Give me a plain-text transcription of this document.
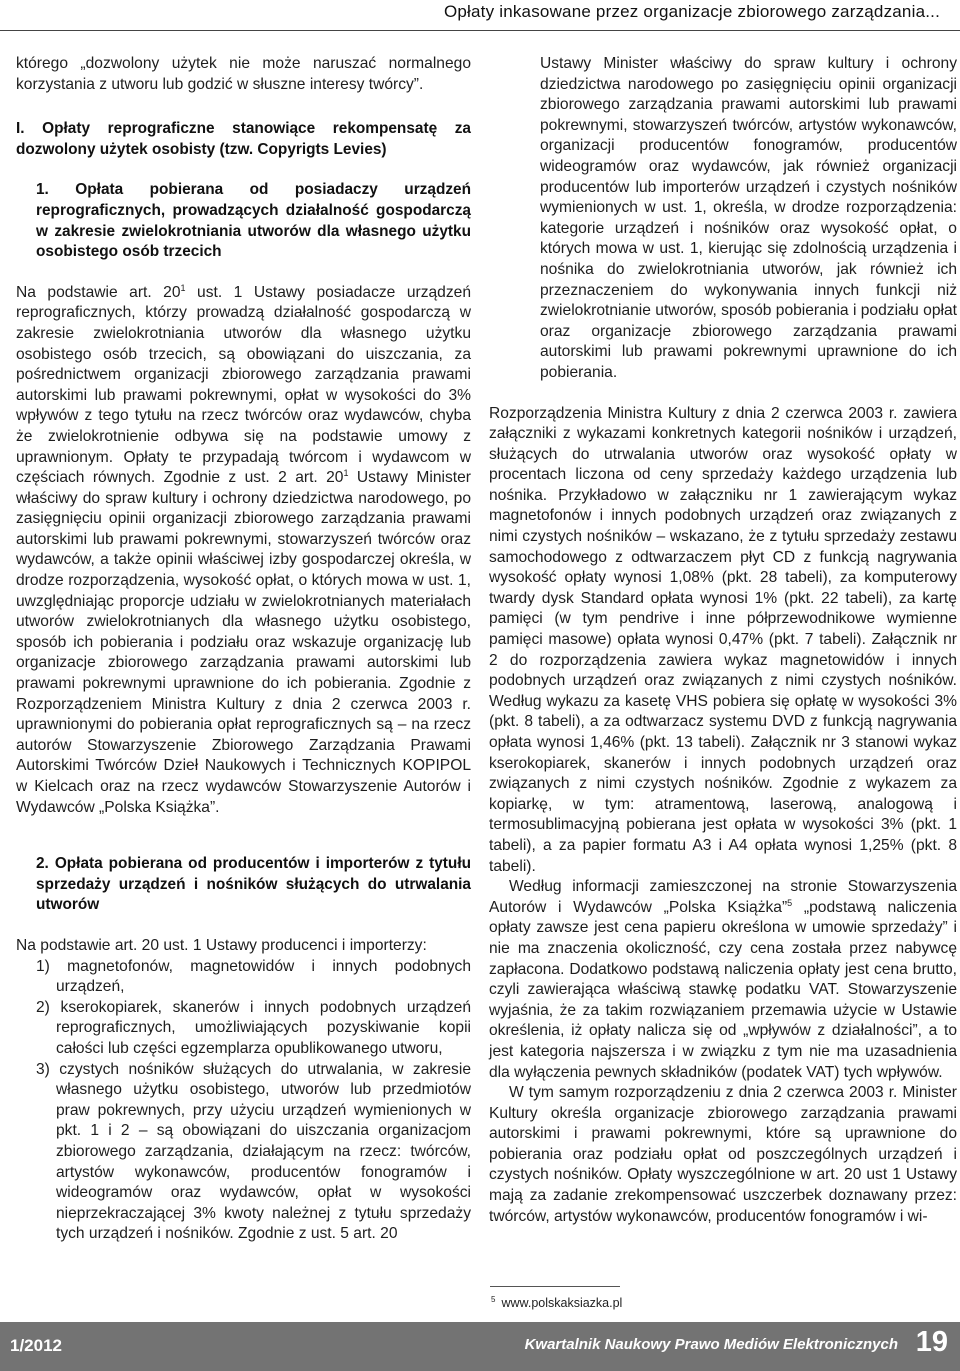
Opłaty inkasowane przez organizacje zbiorowego zarządzania...

którego „dozwolony użytek nie może naruszać normalnego korzystania z utworu lub godzić w słuszne interesy twórcy”.

I. Opłaty reprograficzne stanowiące rekompensatę za dozwolony użytek osobisty (tzw. Copyrigts Levies)

1. Opłata pobierana od posiadaczy urządzeń reprograficznych, prowadzących działalność gospodarczą w zakresie zwielokrotniania utworów dla własnego użytku osobistego osób trzecich

Na podstawie art. $20^1$ ust. 1 Ustawy posiadacze urządzeń reprograficznych, którzy prowadzą działalność gospodarczą w zakresie zwielokrotniania utworów dla własnego użytku osobistego osób trzecich, są obowiązani do uiszczania, za pośrednictwem organizacji zbiorowego zarządzania prawami autorskimi lub prawami pokrewnymi, opłat w wysokości do 3% wpływów z tego tytułu na rzecz twórców oraz wydawców, chyba że zwielokrotnienie odbywa się na podstawie umowy z uprawnionym. Opłaty te przypadają twórcom i wydawcom w częściach równych. Zgodnie z ust. 2 art. $20^1$ Ustawy Minister właściwy do spraw kultury i ochrony dziedzictwa narodowego, po zasięgnięciu opinii organizacji zbiorowego zarządzania prawami autorskimi lub prawami pokrewnymi, stowarzyszeń twórców oraz wydawców, a także opinii właściwej izby gospodarczej określa, w drodze rozporządzenia, wysokość opłat, o których mowa w ust. 1, uwzględniając proporcje udziału w zwielokrotnianych materiałach utworów zwielokrotnianych dla własnego użytku osobistego, sposób ich pobierania i podziału oraz wskazuje organizację lub organizacje zbiorowego zarządzania prawami autorskimi lub prawami pokrewnymi uprawnione do ich pobierania. Zgodnie z Rozporządzeniem Ministra Kultury z dnia 2 czerwca 2003 r. uprawnionymi do pobierania opłat reprograficznych są – na rzecz autorów Stowarzyszenie Zbiorowego Zarządzania Prawami Autorskimi Twórców Dzieł Naukowych i Technicznych KOPIPOL w Kielcach oraz na rzecz wydawców Stowarzyszenie Autorów i Wydawców „Polska Książka”.

2. Opłata pobierana od producentów i importerów z tytułu sprzedaży urządzeń i nośników służących do utrwalania utworów

Na podstawie art. 20 ust. 1 Ustawy producenci i importerzy:

1) magnetofonów, magnetowidów i innych podobnych urządzeń,

2) kserokopiarek, skanerów i innych podobnych urządzeń reprograficznych, umożliwiających pozyskiwanie kopii całości lub części egzemplarza opublikowanego utworu,

3) czystych nośników służących do utrwalania, w zakresie własnego użytku osobistego, utworów lub przedmiotów praw pokrewnych, przy użyciu urządzeń wymienionych w pkt. 1 i 2 – są obowiązani do uiszczania organizacjom zbiorowego zarządzania, działającym na rzecz: twórców, artystów wykonawców, producentów fonogramów i wideogramów oraz wydawców, opłat w wysokości nieprzekraczającej 3% kwoty należnej z tytułu sprzedaży tych urządzeń i nośników. Zgodnie z ust. 5 art. 20

Ustawy Minister właściwy do spraw kultury i ochrony dziedzictwa narodowego po zasięgnięciu opinii organizacji zbiorowego zarządzania prawami autorskimi lub prawami pokrewnymi, stowarzyszeń twórców, artystów wykonawców, organizacji producentów fonogramów, producentów wideogramów oraz wydawców, jak również organizacji producentów lub importerów urządzeń i czystych nośników wymienionych w ust. 1, określa, w drodze rozporządzenia: kategorie urządzeń i nośników oraz wysokość opłat, o których mowa w ust. 1, kierując się zdolnością urządzenia i nośnika do zwielokrotniania utworów, jak również ich przeznaczeniem do wykonywania innych funkcji niż zwielokrotnianie utworów, sposób pobierania i podziału opłat oraz organizacje zbiorowego zarządzania prawami autorskimi lub prawami pokrewnymi uprawnione do ich pobierania.

Rozporządzenia Ministra Kultury z dnia 2 czerwca 2003 r. zawiera załączniki z wykazami konkretnych kategorii nośników i urządzeń, służących do utrwalania utworów oraz wysokość opłaty w procentach liczona od ceny sprzedaży każdego urządzenia lub nośnika. Przykładowo w załączniku nr 1 zawierającym wykaz magnetofonów i innych podobnych urządzeń oraz związanych z nimi czystych nośników – wskazano, że z tytułu sprzedaży zestawu samochodowego z odtwarzaczem płyt CD z funkcją nagrywania wysokość opłaty wynosi 1,08% (pkt. 28 tabeli), za komputerowy twardy dysk Standard opłata wynosi 1% (pkt. 22 tabeli), za kartę pamięci (w tym pendrive i inne półprzewodnikowe wymienne pamięci masowe) opłata wynosi 0,47% (pkt. 7 tabeli). Załącznik nr 2 do rozporządzenia zawiera wykaz magnetowidów i innych podobnych urządzeń oraz związanych z nimi czystych nośników. Według wykazu za kasetę VHS pobiera się opłatę w wysokości 3% (pkt. 8 tabeli), a za odtwarzacz systemu DVD z funkcją nagrywania opłata wynosi 1,46% (pkt. 13 tabeli). Załącznik nr 3 stanowi wykaz kserokopiarek, skanerów i innych podobnych urządzeń oraz związanych z nimi czystych nośników. Zgodnie z wykazem za kopiarkę, w tym: atramentową, laserową, analogową i termosublimacyjną pobierana jest opłata w wysokości 3% (pkt. 1 tabeli), a za papier formatu A3 i A4 opłata wynosi 1,25% (pkt. 8 tabeli).

Według informacji zamieszczonej na stronie Stowarzyszenia Autorów i Wydawców „Polska Książka”$^5$ „podstawą naliczenia opłaty zawsze jest cena papieru określona w umowie sprzedaży” i nie ma znaczenia okoliczność, czy cena została przez nabywcę zapłacona. Dodatkowo podstawą naliczenia opłaty jest cena brutto, czyli zawierająca właściwą stawkę podatku VAT. Stowarzyszenie wyjaśnia, że za takim rozwiązaniem przemawia użycie w Ustawie określenia, iż opłaty nalicza się od „wpływów z działalności”, a to jest kategoria najszersza i w związku z tym nie ma uzasadnienia dla wyłączenia pewnych składników (podatek VAT) tych wpływów.

W tym samym rozporządzeniu z dnia 2 czerwca 2003 r. Minister Kultury określa organizacje zbiorowego zarządzania prawami autorskimi i prawami pokrewnymi, które są uprawnione do pobierania oraz podziału opłat od poszczególnych urządzeń i czystych nośników. Opłaty wyszczególnione w art. 20 ust 1 Ustawy mają za zadanie zrekompensować uszczerbek doznawany przez: twórców, artystów wykonawców, producentów fonogramów i wi-

$^5$ www.polskaksiazka.pl
1/2012	Kwartalnik Naukowy Prawo Mediów Elektronicznych 19
